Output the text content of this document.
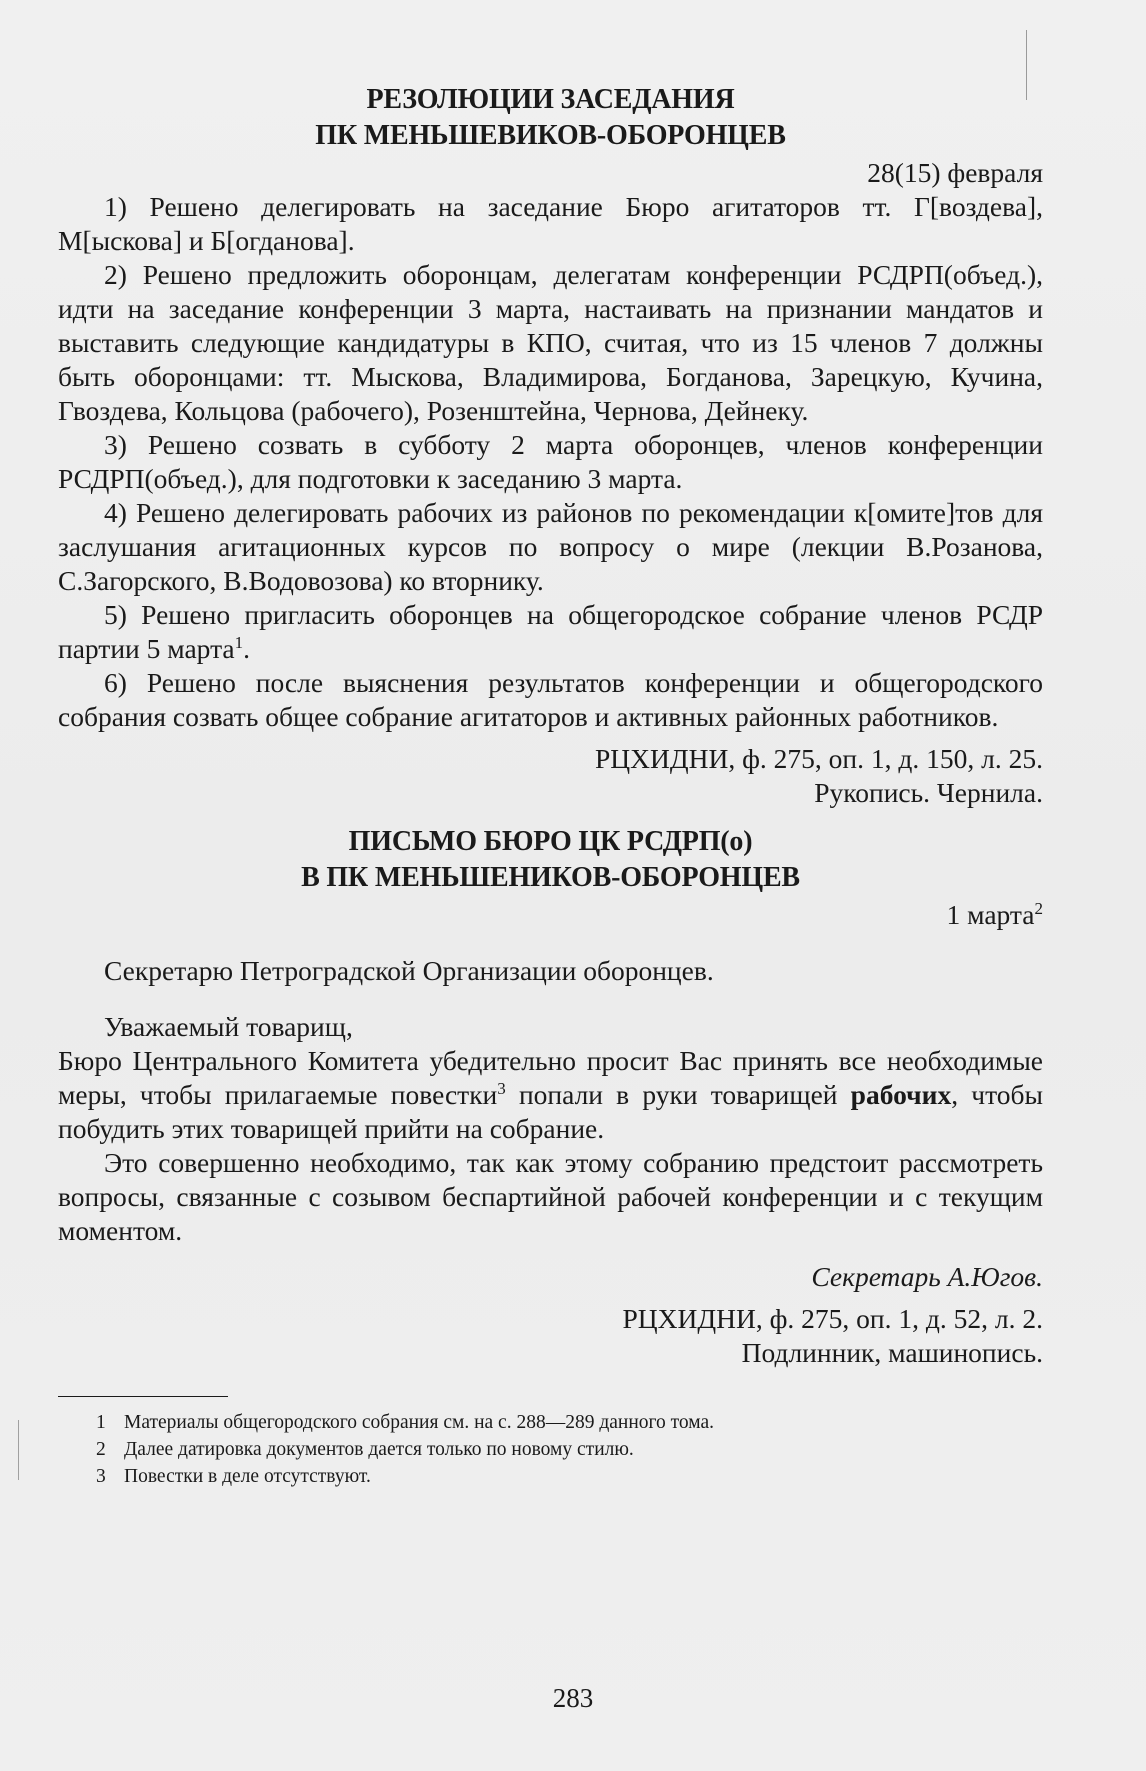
РЕЗОЛЮЦИИ ЗАСЕДАНИЯ
ПК МЕНЬШЕВИКОВ-ОБОРОНЦЕВ

28(15) февраля

1) Решено делегировать на заседание Бюро агитаторов тт. Г[воздева], М[ыскова] и Б[огданова].

2) Решено предложить оборонцам, делегатам конференции РСДРП(объед.), идти на заседание конференции 3 марта, настаивать на признании мандатов и выставить следующие кандидатуры в КПО, считая, что из 15 членов 7 должны быть оборонцами: тт. Мыскова, Владимирова, Богданова, Зарецкую, Кучина, Гвоздева, Кольцова (рабочего), Розенштейна, Чернова, Дейнеку.

3) Решено созвать в субботу 2 марта оборонцев, членов конференции РСДРП(объед.), для подготовки к заседанию 3 марта.

4) Решено делегировать рабочих из районов по рекомендации к[омите]тов для заслушания агитационных курсов по вопросу о мире (лекции В.Розанова, С.Загорского, В.Водовозова) ко вторнику.

5) Решено пригласить оборонцев на общегородское собрание членов РСДР партии 5 марта$^1$.

6) Решено после выяснения результатов конференции и общегородского собрания созвать общее собрание агитаторов и активных районных работников.

РЦХИДНИ, ф. 275, оп. 1, д. 150, л. 25.

Рукопись. Чернила.

ПИСЬМО БЮРО ЦК РСДРП(о)
В ПК МЕНЬШЕНИКОВ-ОБОРОНЦЕВ

1 марта$^2$

Секретарю Петроградской Организации оборонцев.

Уважаемый товарищ,

Бюро Центрального Комитета убедительно просит Вас принять все необходимые меры, чтобы прилагаемые повестки$^3$ попали в руки товарищей рабочих, чтобы побудить этих товарищей прийти на собрание.

Это совершенно необходимо, так как этому собранию предстоит рассмотреть вопросы, связанные с созывом беспартийной рабочей конференции и с текущим моментом.

Секретарь А.Югов.

РЦХИДНИ, ф. 275, оп. 1, д. 52, л. 2.

Подлинник, машинопись.

1 Материалы общегородского собрания см. на с. 288—289 данного тома.

2 Далее датировка документов дается только по новому стилю.

3 Повестки в деле отсутствуют.

283
